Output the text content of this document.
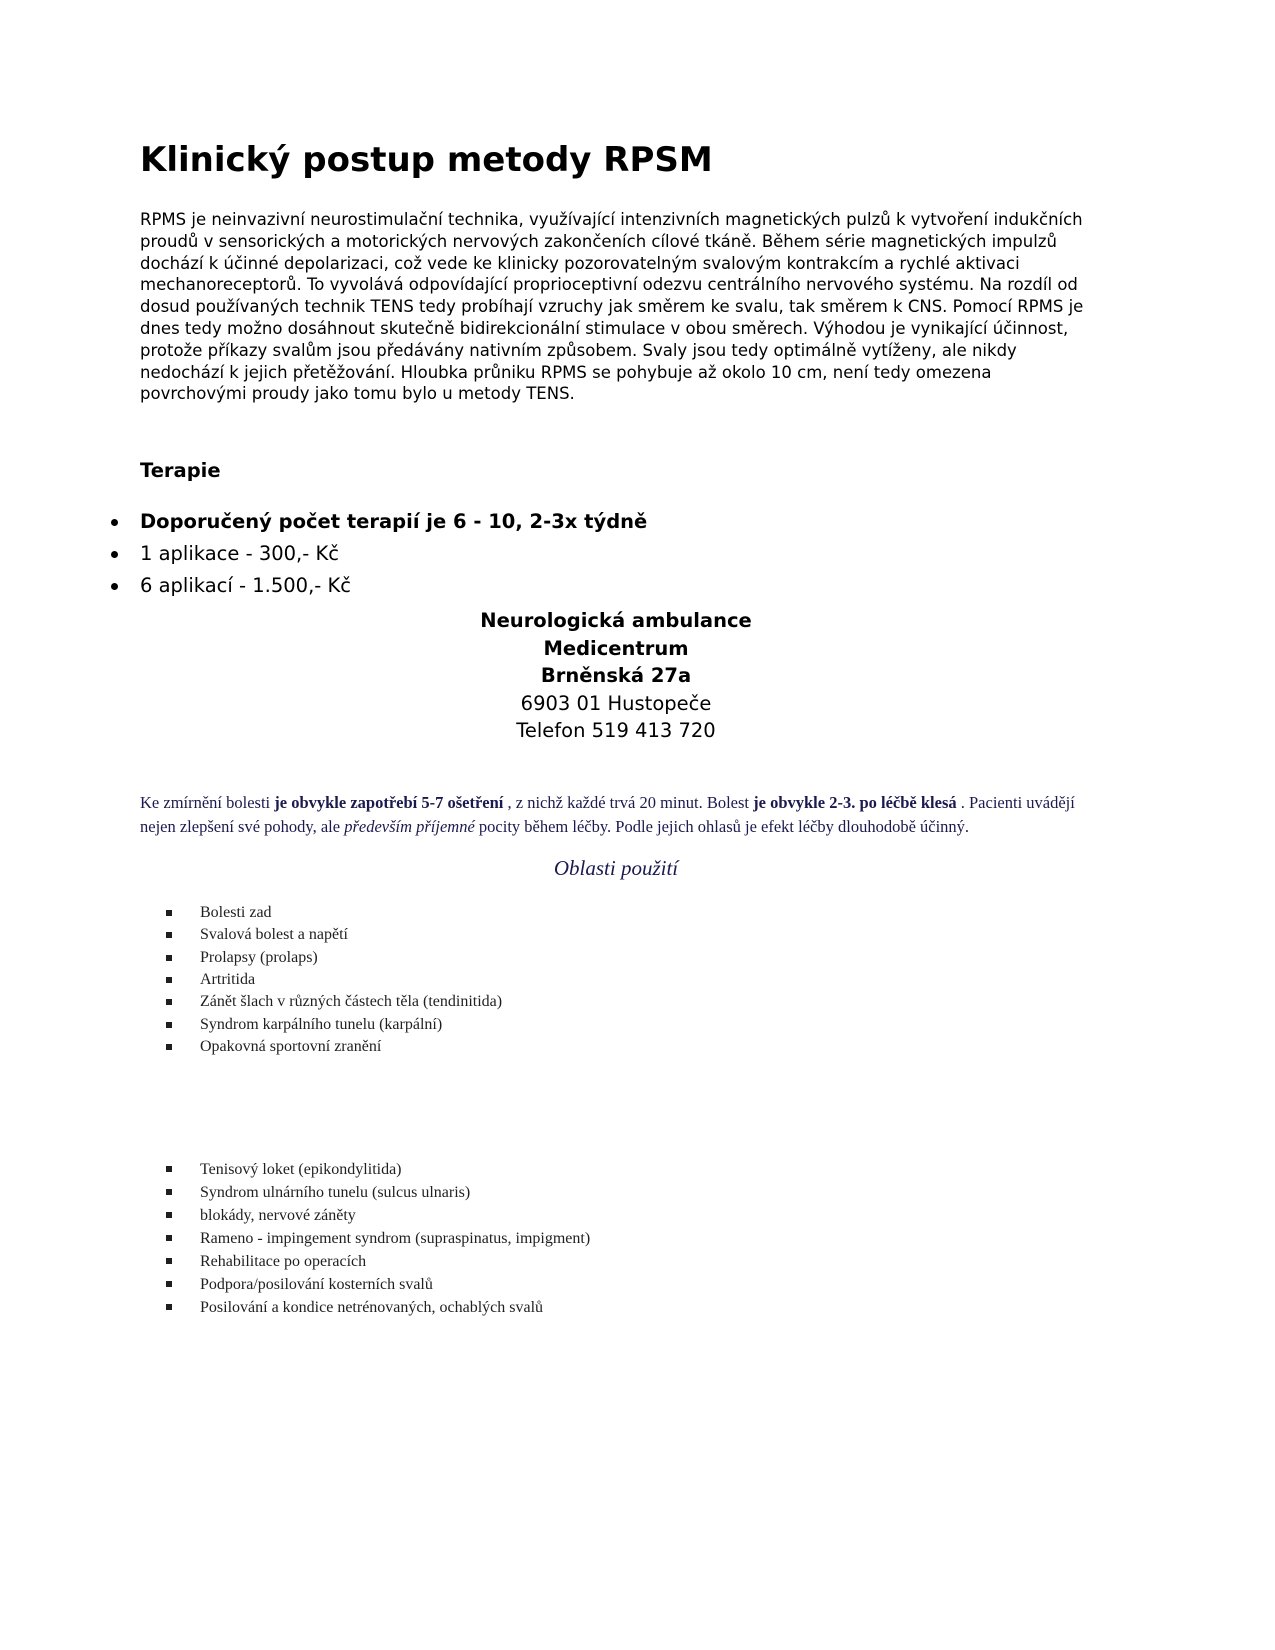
Klinický postup metody RPSM

RPMS je neinvazivní neurostimulační technika, využívající intenzivních magnetických pulzů k vytvoření indukčních proudů v sensorických a motorických nervových zakončeních cílové tkáně. Během série magnetických impulzů dochází k účinné depolarizaci, což vede ke klinicky pozorovatelným svalovým kontrakcím a rychlé aktivaci mechanoreceptorů. To vyvolává odpovídající proprioceptivní odezvu centrálního nervového systému. Na rozdíl od dosud používaných technik TENS tedy probíhají vzruchy jak směrem ke svalu, tak směrem k CNS. Pomocí RPMS je dnes tedy možno dosáhnout skutečně bidirekcionální stimulace v obou směrech. Výhodou je vynikající účinnost, protože příkazy svalům jsou předávány nativním způsobem. Svaly jsou tedy optimálně vytíženy, ale nikdy nedochází k jejich přetěžování. Hloubka průniku RPMS se pohybuje až okolo 10 cm, není tedy omezena povrchovými proudy jako tomu bylo u metody TENS.

Terapie
Doporučený počet terapií je 6 - 10, 2-3x týdně
1 aplikace - 300,- Kč
6 aplikací - 1.500,- Kč
Neurologická ambulance
Medicentrum
Brněnská 27a
6903 01 Hustopeče
Telefon 519 413 720

Ke zmírnění bolesti je obvykle zapotřebí 5-7 ošetření , z nichž každé trvá 20 minut. Bolest je obvykle 2-3. po léčbě klesá . Pacienti uvádějí nejen zlepšení své pohody, ale především příjemné pocity během léčby. Podle jejich ohlasů je efekt léčby dlouhodobě účinný.

Oblasti použití
Bolesti zad
Svalová bolest a napětí
Prolapsy (prolaps)
Artritida
Zánět šlach v různých částech těla (tendinitida)
Syndrom karpálního tunelu (karpální)
Opakovná sportovní zranění
Tenisový loket (epikondylitida)
Syndrom ulnárního tunelu (sulcus ulnaris)
blokády, nervové záněty
Rameno - impingement syndrom (supraspinatus, impigment)
Rehabilitace po operacích
Podpora/posilování kosterních svalů
Posilování a kondice netrénovaných, ochablých svalů
